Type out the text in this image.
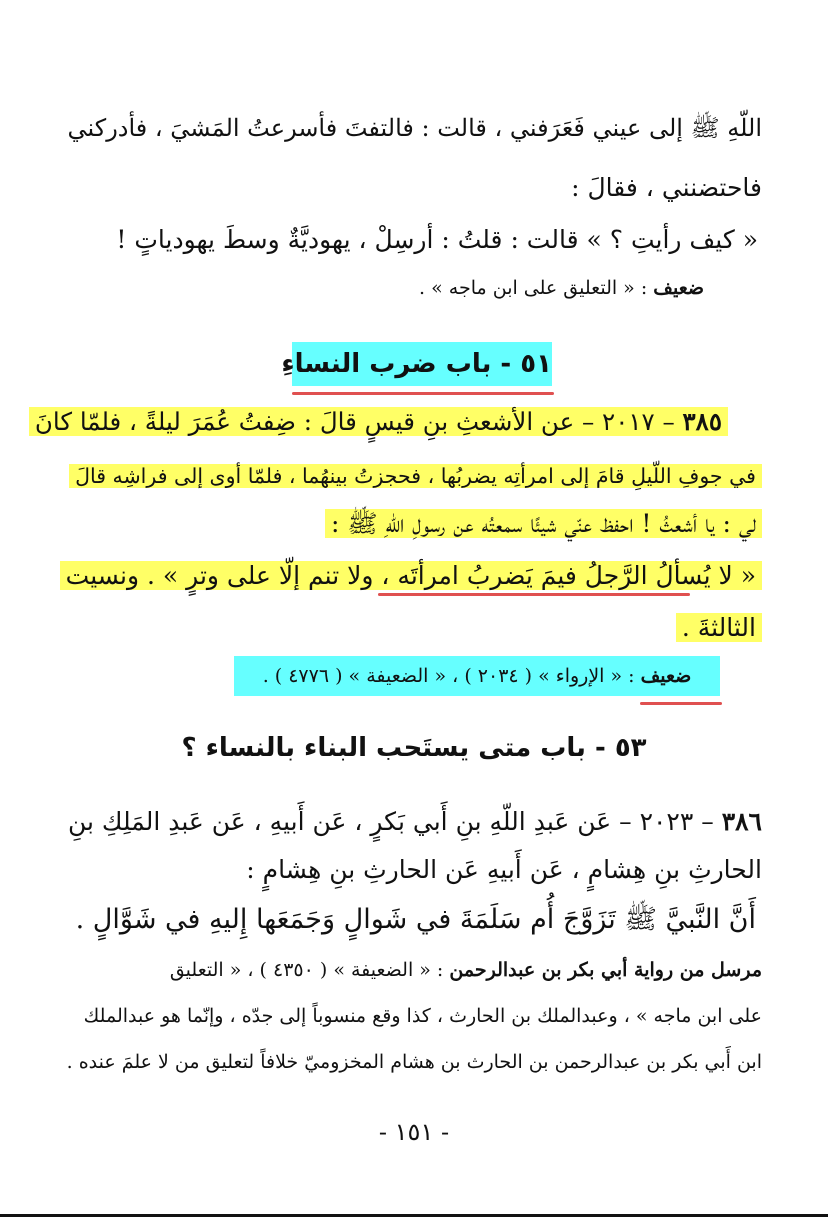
اللّهِ ﷺ إلى عيني فَعَرَفني ، قالت : فالتفتَ فأسرعتُ المَشيَ ، فأدركني
فاحتضنني ، فقالَ :
« كيف رأيتِ ؟ » قالت : قلتُ : أرسِلْ ، يهوديَّةٌ وسطَ يهودياتٍ !
ضعيف : « التعليق على ابن ماجه » .
٥١ - باب ضرب النساءِ
٣٨٥ – ٢٠١٧ – عن الأشعثِ بنِ قيسٍ قالَ : ضِفتُ عُمَرَ ليلةً ، فلمّا كانَ
في جوفِ اللّيلِ قامَ إلى امرأتِه يضربُها ، فحجزتُ بينهُما ، فلمّا أوى إلى فراشِه قالَ
لي : يا أشعثُ ! احفظ عنّي شيئًا سمعتُه عن رسولِ اللّهِ ﷺ :
« لا يُسألُ الرَّجلُ فيمَ يَضربُ امرأتَه ، ولا تنم إلّا على وترٍ » . ونسيت
الثالثةَ .
ضعيف : « الإرواء » ( ٢٠٣٤ ) ، « الضعيفة » ( ٤٧٧٦ ) .
٥٣ - باب متى يستَحب البناء بالنساء ؟
٣٨٦ – ٢٠٢٣ – عَن عَبدِ اللّهِ بنِ أَبي بَكرٍ ، عَن أَبيهِ ، عَن عَبدِ المَلِكِ بنِ
الحارثِ بنِ هِشامٍ ، عَن أَبيهِ عَن الحارثِ بنِ هِشامٍ :
أَنَّ النَّبيَّ ﷺ تَزَوَّجَ أُم سَلَمَةَ في شَوالٍ وَجَمَعَها إِليهِ في شَوَّالٍ .
مرسل من رواية أبي بكر بن عبدالرحمن : « الضعيفة » ( ٤٣٥٠ ) ، « التعليق
على ابن ماجه » ، وعبدالملك بن الحارث ، كذا وقع منسوباً إلى جدّه ، وإنّما هو عبدالملك
ابن أَبي بكر بن عبدالرحمن بن الحارث بن هشام المخزوميّ خلافاً لتعليق من لا علمَ عنده .
- ١٥١ -
